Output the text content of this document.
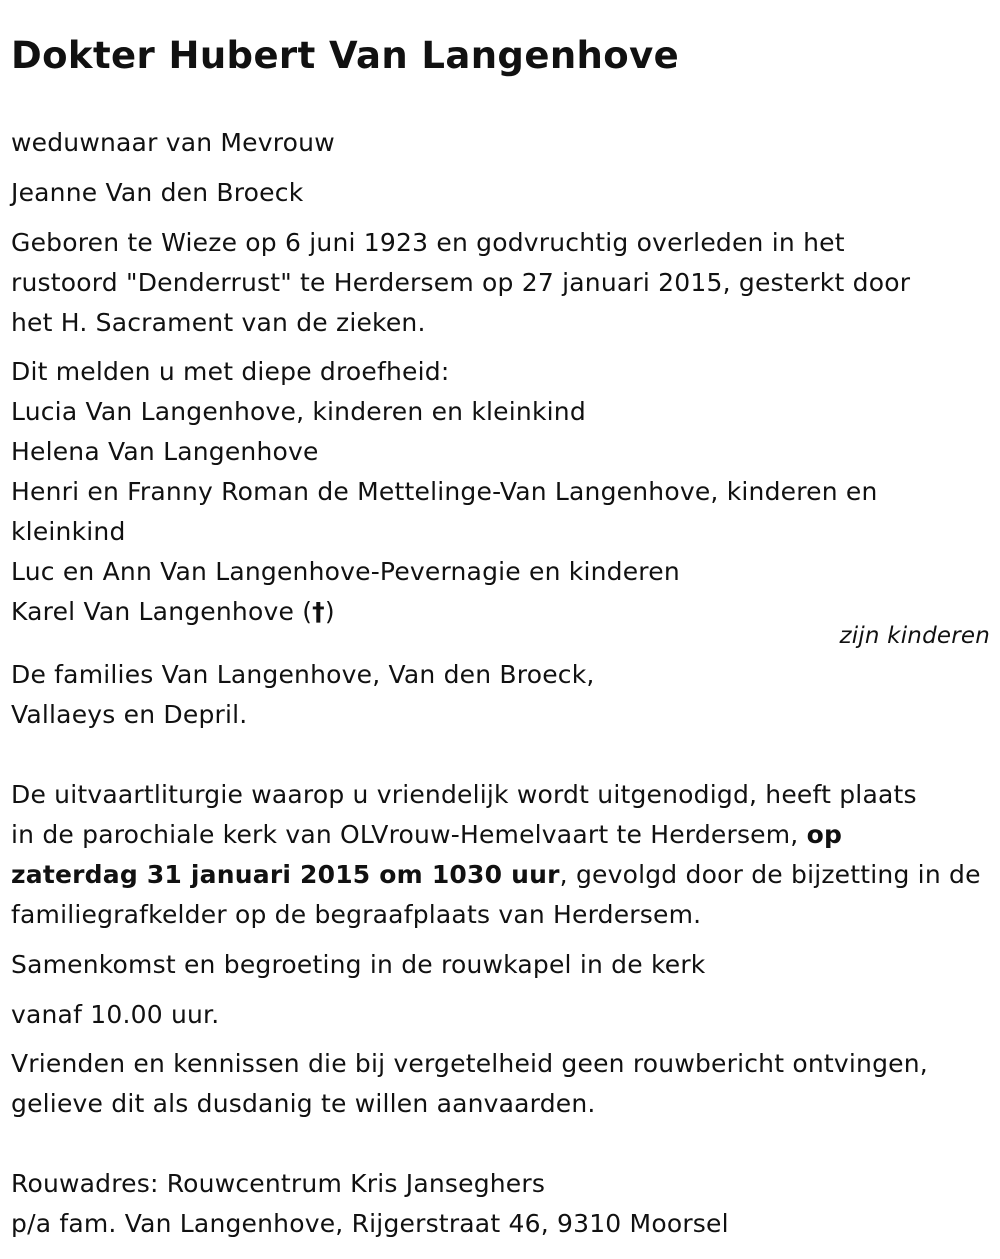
Dokter Hubert Van Langenhove

weduwnaar van Mevrouw

Jeanne Van den Broeck

Geboren te Wieze op 6 juni 1923 en godvruchtig overleden in het
rustoord "Denderrust" te Herdersem op 27 januari 2015, gesterkt door
het H. Sacrament van de zieken.

Dit melden u met diepe droefheid:
Lucia Van Langenhove, kinderen en kleinkind
Helena Van Langenhove
Henri en Franny Roman de Mettelinge-Van Langenhove, kinderen en
kleinkind
Luc en Ann Van Langenhove-Pevernagie en kinderen
Karel Van Langenhove (†)

zijn kinderen

De families Van Langenhove, Van den Broeck,
Vallaeys en Depril.

De uitvaartliturgie waarop u vriendelijk wordt uitgenodigd, heeft plaats
in de parochiale kerk van OLVrouw-Hemelvaart te Herdersem, op
zaterdag 31 januari 2015 om 1030 uur, gevolgd door de bijzetting in de
familiegrafkelder op de begraafplaats van Herdersem.

Samenkomst en begroeting in de rouwkapel in de kerk

vanaf 10.00 uur.

Vrienden en kennissen die bij vergetelheid geen rouwbericht ontvingen,
gelieve dit als dusdanig te willen aanvaarden.

Rouwadres: Rouwcentrum Kris Janseghers
p/a fam. Van Langenhove, Rijgerstraat 46, 9310 Moorsel
